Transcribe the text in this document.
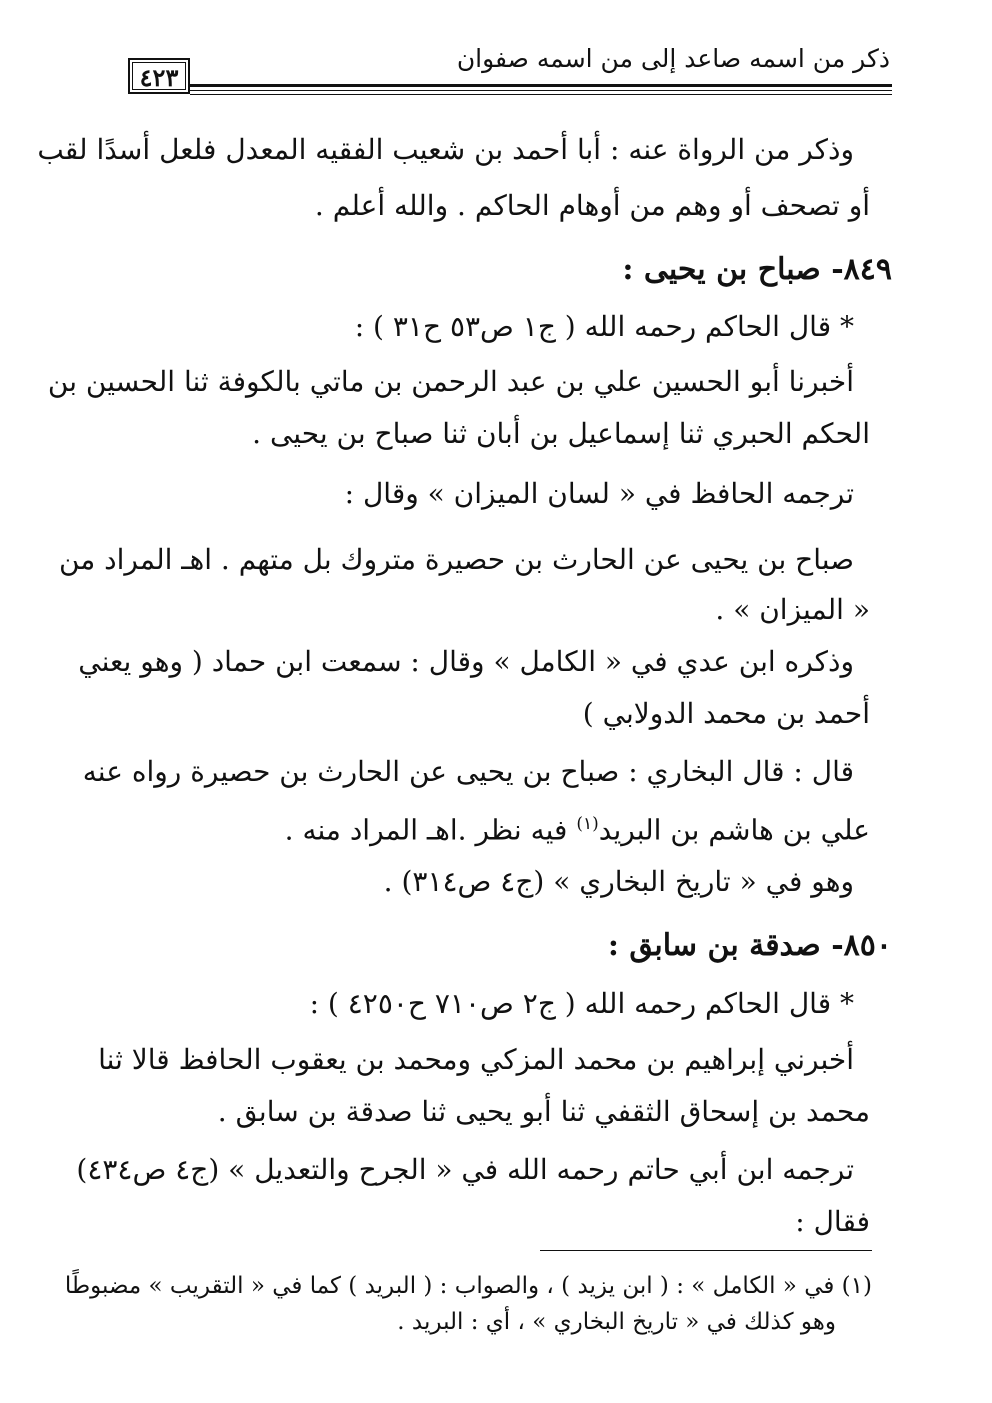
ذكر من اسمه صاعد إلى من اسمه صفوان
٤٢٣
وذكر من الرواة عنه : أبا أحمد بن شعيب الفقيه المعدل فلعل أسدًا لقب
أو تصحف أو وهم من أوهام الحاكم . والله أعلم .
٨٤٩- صباح بن يحيى :
* قال الحاكم رحمه الله ( ج١ ص٥٣ ح٣١ ) :
أخبرنا أبو الحسين علي بن عبد الرحمن بن ماتي بالكوفة ثنا الحسين بن
الحكم الحبري ثنا إسماعيل بن أبان ثنا صباح بن يحيى .
ترجمه الحافظ في « لسان الميزان » وقال :
صباح بن يحيى عن الحارث بن حصيرة متروك بل متهم . اهـ المراد من
« الميزان » .
وذكره ابن عدي في « الكامل » وقال : سمعت ابن حماد ( وهو يعني
أحمد بن محمد الدولابي )
قال : قال البخاري : صباح بن يحيى عن الحارث بن حصيرة رواه عنه
علي بن هاشم بن البريد$^{(١)}$ فيه نظر .اهـ المراد منه .
وهو في « تاريخ البخاري » (ج٤ ص٣١٤) .
٨٥٠- صدقة بن سابق :
* قال الحاكم رحمه الله ( ج٢ ص٧١٠ ح٤٢٥٠ ) :
أخبرني إبراهيم بن محمد المزكي ومحمد بن يعقوب الحافظ قالا ثنا
محمد بن إسحاق الثقفي ثنا أبو يحيى ثنا صدقة بن سابق .
ترجمه ابن أبي حاتم رحمه الله في « الجرح والتعديل » (ج٤ ص٤٣٤)
فقال :
(١) في « الكامل » : ( ابن يزيد ) ، والصواب : ( البريد ) كما في « التقريب » مضبوطًا
وهو كذلك في « تاريخ البخاري » ، أي : البريد .
